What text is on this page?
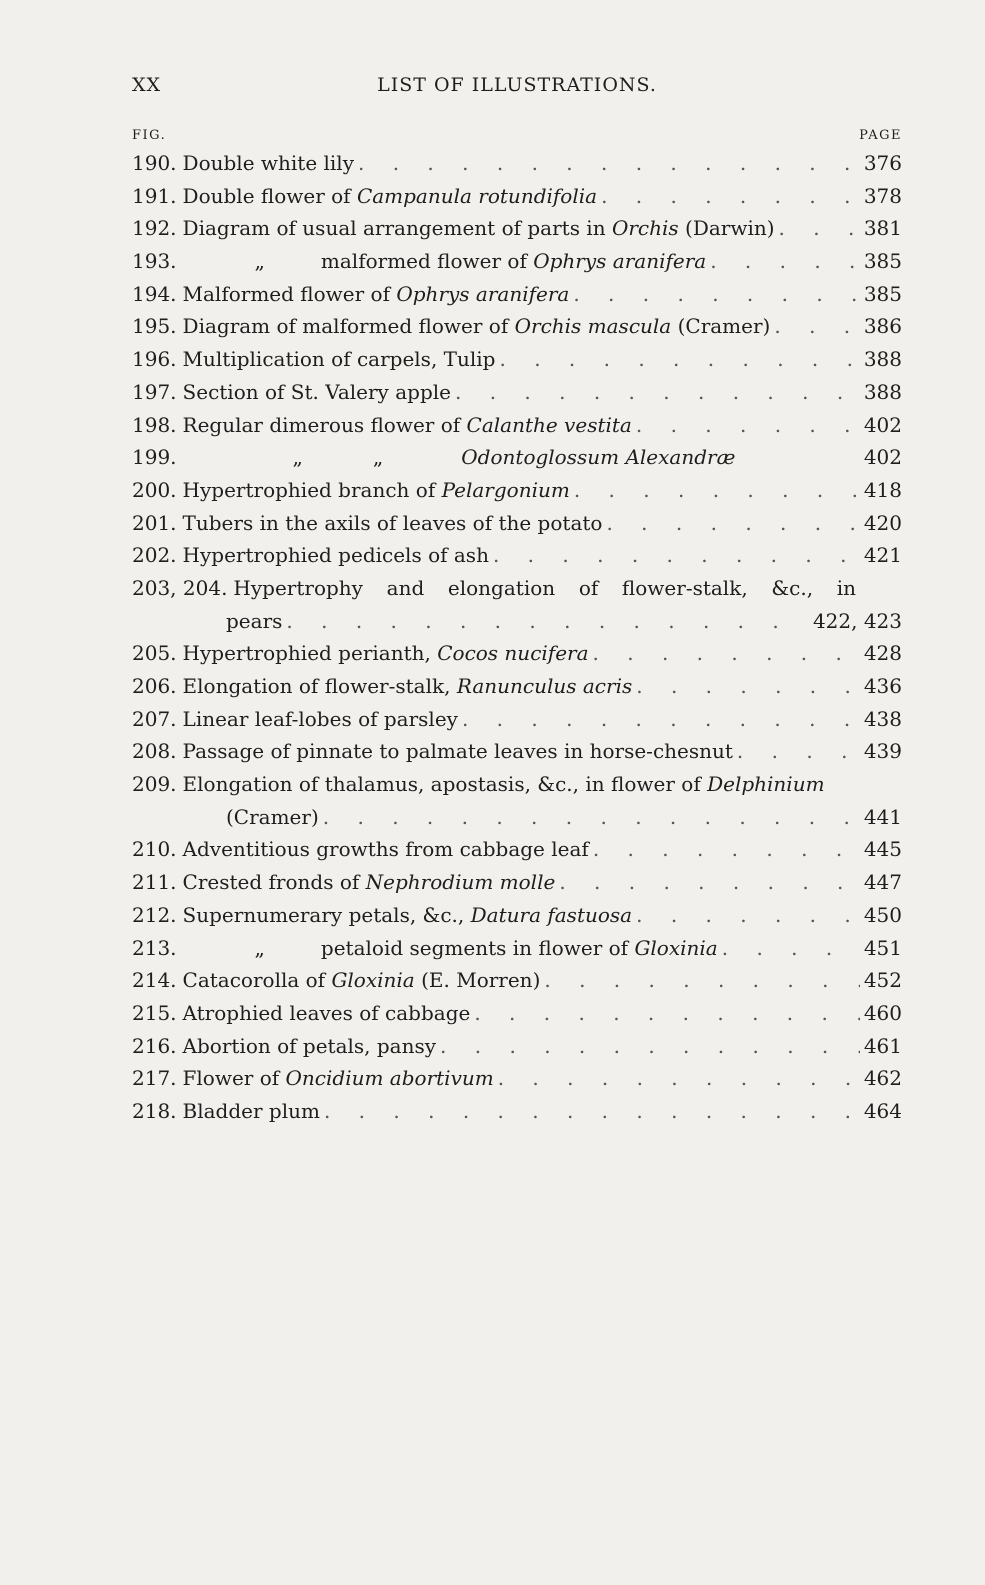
XX	LIST OF ILLUSTRATIONS.
FIG.	PAGE
190. Double white lily . .	376
191. Double flower of Campanula rotundifolia . .	378
192. Diagram of usual arrangement of parts in Orchis (Darwin) . .	381
193.	„	malformed flower of Ophrys aranifera . .	385
194. Malformed flower of Ophrys aranifera . .	385
195. Diagram of malformed flower of Orchis mascula (Cramer) . .	386
196. Multiplication of carpels, Tulip . .	388
197. Section of St. Valery apple . .	388
198. Regular dimerous flower of Calanthe vestita . .	402
199.	„	„	Odontoglossum Alexandræ	402
200. Hypertrophied branch of Pelargonium . .	418
201. Tubers in the axils of leaves of the potato . .	420
202. Hypertrophied pedicels of ash . .	421
203, 204. Hypertrophy and elongation of flower-stalk, &c., in
pears . .	422, 423
205. Hypertrophied perianth, Cocos nucifera . .	428
206. Elongation of flower-stalk, Ranunculus acris . .	436
207. Linear leaf-lobes of parsley . .	438
208. Passage of pinnate to palmate leaves in horse-chesnut . .	439
209. Elongation of thalamus, apostasis, &c., in flower of Delphinium
(Cramer) . .	441
210. Adventitious growths from cabbage leaf . .	445
211. Crested fronds of Nephrodium molle . .	447
212. Supernumerary petals, &c., Datura fastuosa . .	450
213.	„	petaloid segments in flower of Gloxinia . .	451
214. Catacorolla of Gloxinia (E. Morren) . .	452
215. Atrophied leaves of cabbage . .	460
216. Abortion of petals, pansy . .	461
217. Flower of Oncidium abortivum . .	462
218. Bladder plum . .	464
